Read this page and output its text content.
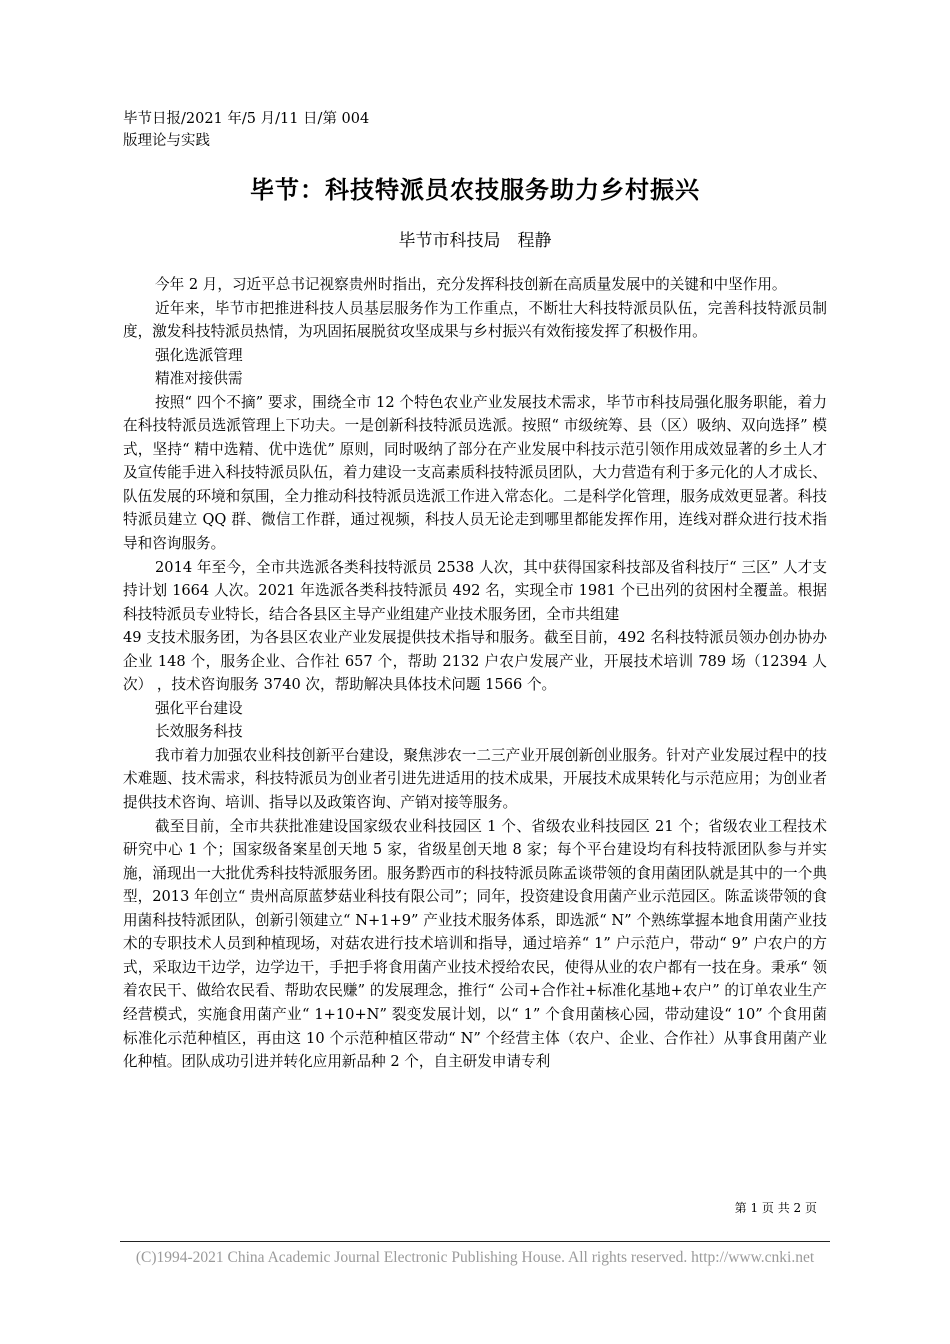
毕节日报/2021 年/5 月/11 日/第 004
版理论与实践
毕节：科技特派员农技服务助力乡村振兴
毕节市科技局　程静

今年 2 月，习近平总书记视察贵州时指出，充分发挥科技创新在高质量发展中的关键和中坚作用。

近年来，毕节市把推进科技人员基层服务作为工作重点，不断壮大科技特派员队伍，完善科技特派员制度，激发科技特派员热情，为巩固拓展脱贫攻坚成果与乡村振兴有效衔接发挥了积极作用。

强化选派管理

精准对接供需

按照“ 四个不摘” 要求，围绕全市 12 个特色农业产业发展技术需求，毕节市科技局强化服务职能，着力在科技特派员选派管理上下功夫。一是创新科技特派员选派。按照“ 市级统筹、县（区）吸纳、双向选择” 模式，坚持“ 精中选精、优中选优” 原则，同时吸纳了部分在产业发展中科技示范引领作用成效显著的乡土人才及宣传能手进入科技特派员队伍，着力建设一支高素质科技特派员团队，大力营造有利于多元化的人才成长、队伍发展的环境和氛围，全力推动科技特派员选派工作进入常态化。二是科学化管理，服务成效更显著。科技特派员建立 QQ 群、微信工作群，通过视频，科技人员无论走到哪里都能发挥作用，连线对群众进行技术指导和咨询服务。

2014 年至今，全市共选派各类科技特派员 2538 人次，其中获得国家科技部及省科技厅“ 三区” 人才支持计划 1664 人次。2021 年选派各类科技特派员 492 名，实现全市 1981 个已出列的贫困村全覆盖。根据科技特派员专业特长，结合各县区主导产业组建产业技术服务团，全市共组建

49 支技术服务团，为各县区农业产业发展提供技术指导和服务。截至目前，492 名科技特派员领办创办协办企业 148 个，服务企业、合作社 657 个，帮助 2132 户农户发展产业，开展技术培训 789 场（12394 人次） ，技术咨询服务 3740 次，帮助解决具体技术问题 1566 个。

强化平台建设

长效服务科技

我市着力加强农业科技创新平台建设，聚焦涉农一二三产业开展创新创业服务。针对产业发展过程中的技术难题、技术需求，科技特派员为创业者引进先进适用的技术成果，开展技术成果转化与示范应用；为创业者提供技术咨询、培训、指导以及政策咨询、产销对接等服务。

截至目前，全市共获批准建设国家级农业科技园区 1 个、省级农业科技园区 21 个；省级农业工程技术研究中心 1 个；国家级备案星创天地 5 家，省级星创天地 8 家；每个平台建设均有科技特派团队参与并实施，涌现出一大批优秀科技特派服务团。服务黔西市的科技特派员陈孟谈带领的食用菌团队就是其中的一个典型，2013 年创立“ 贵州高原蓝梦菇业科技有限公司”；同年，投资建设食用菌产业示范园区。陈孟谈带领的食用菌科技特派团队，创新引领建立“ N+1+9” 产业技术服务体系，即选派“ N” 个熟练掌握本地食用菌产业技术的专职技术人员到种植现场，对菇农进行技术培训和指导，通过培养“ 1” 户示范户，带动“ 9” 户农户的方式，采取边干边学，边学边干，手把手将食用菌产业技术授给农民，使得从业的农户都有一技在身。秉承“ 领着农民干、做给农民看、帮助农民赚” 的发展理念，推行“ 公司+合作社+标准化基地+农户” 的订单农业生产经营模式，实施食用菌产业“ 1+10+N” 裂变发展计划，以“ 1” 个食用菌核心园，带动建设“ 10” 个食用菌标准化示范种植区，再由这 10 个示范种植区带动“ N” 个经营主体（农户、企业、合作社）从事食用菌产业化种植。团队成功引进并转化应用新品种 2 个，自主研发申请专利

第 1 页 共 2 页
(C)1994-2021 China Academic Journal Electronic Publishing House. All rights reserved. http://www.cnki.net
